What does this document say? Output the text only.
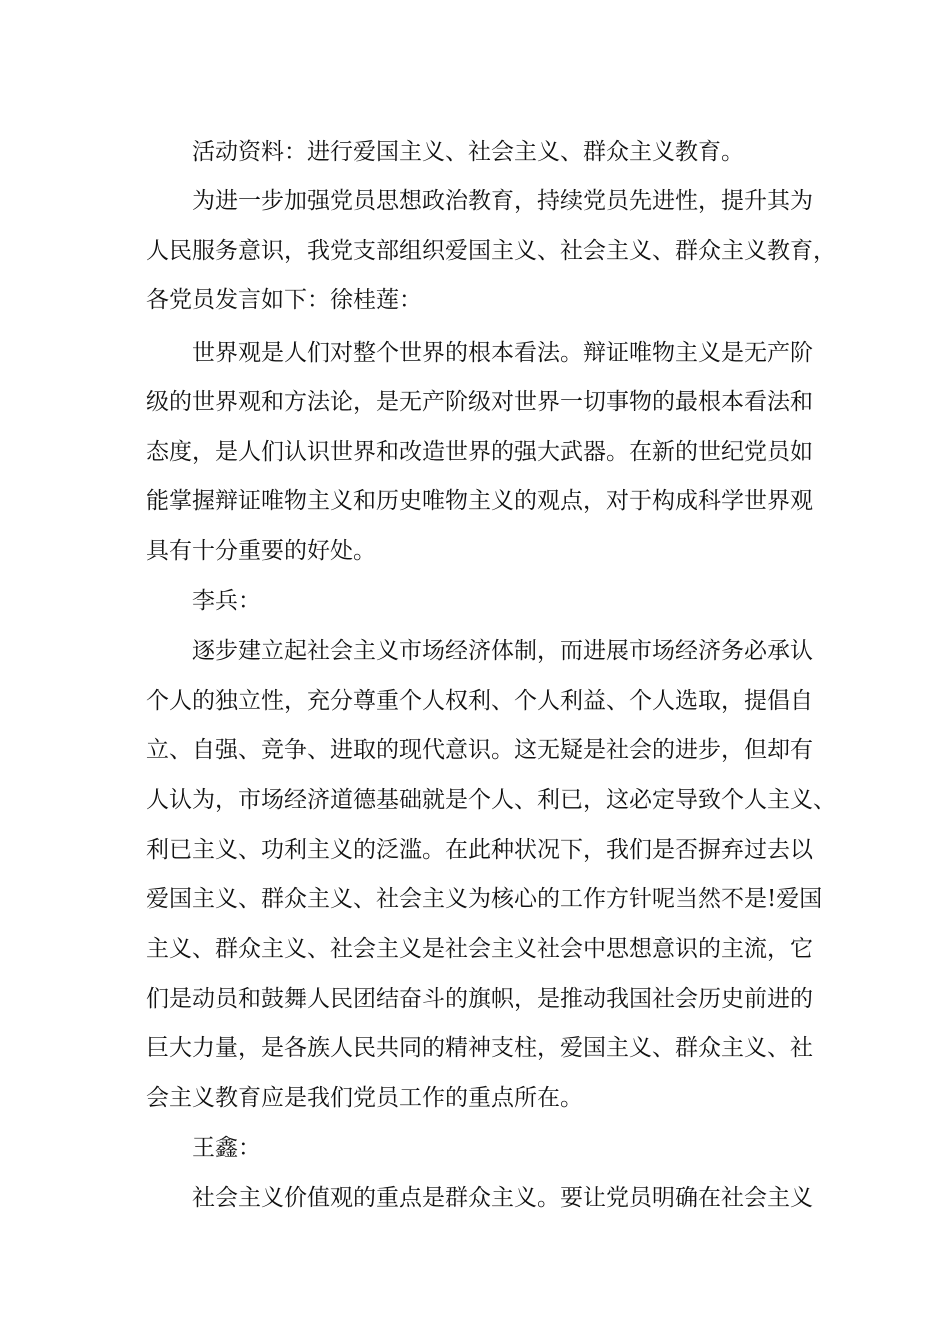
活动资料：进行爱国主义、社会主义、群众主义教育。
为进一步加强党员思想政治教育，持续党员先进性，提升其为
人民服务意识，我党支部组织爱国主义、社会主义、群众主义教育，
各党员发言如下：徐桂莲：
世界观是人们对整个世界的根本看法。辩证唯物主义是无产阶
级的世界观和方法论，是无产阶级对世界一切事物的最根本看法和
态度，是人们认识世界和改造世界的强大武器。在新的世纪党员如
能掌握辩证唯物主义和历史唯物主义的观点，对于构成科学世界观
具有十分重要的好处。
李兵：
逐步建立起社会主义市场经济体制，而进展市场经济务必承认
个人的独立性，充分尊重个人权利、个人利益、个人选取，提倡自
立、自强、竞争、进取的现代意识。这无疑是社会的进步，但却有
人认为，市场经济道德基础就是个人、利已，这必定导致个人主义、
利已主义、功利主义的泛滥。在此种状况下，我们是否摒弃过去以
爱国主义、群众主义、社会主义为核心的工作方针呢当然不是!爱国
主义、群众主义、社会主义是社会主义社会中思想意识的主流，它
们是动员和鼓舞人民团结奋斗的旗帜，是推动我国社会历史前进的
巨大力量，是各族人民共同的精神支柱，爱国主义、群众主义、社
会主义教育应是我们党员工作的重点所在。
王鑫：
社会主义价值观的重点是群众主义。要让党员明确在社会主义
